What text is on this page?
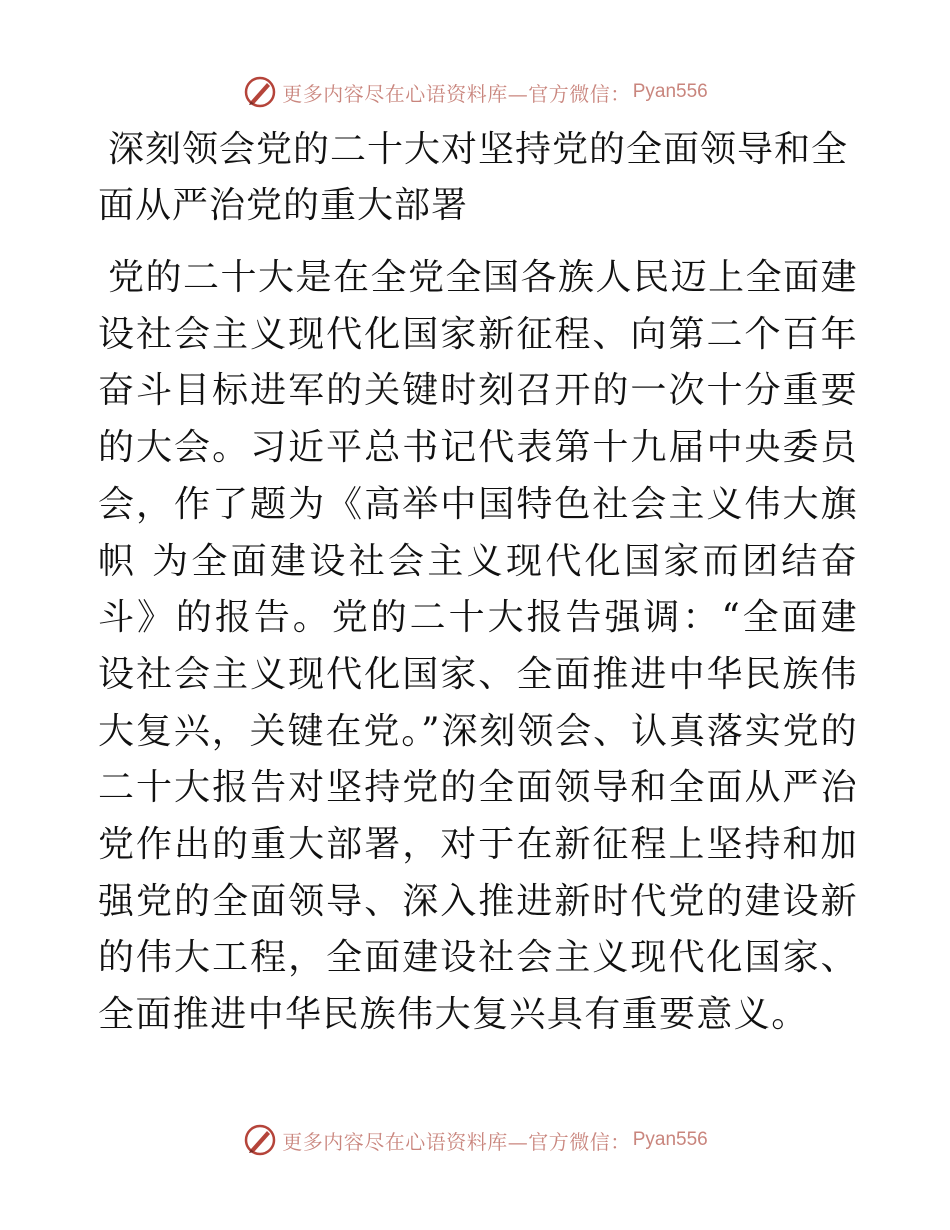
更多内容尽在心语资料库—官方微信： Pyan556
深刻领会党的二十大对坚持党的全面领导和全面从严治党的重大部署

党的二十大是在全党全国各族人民迈上全面建设社会主义现代化国家新征程、向第二个百年奋斗目标进军的关键时刻召开的一次十分重要的大会。习近平总书记代表第十九届中央委员会，作了题为《高举中国特色社会主义伟大旗帜 为全面建设社会主义现代化国家而团结奋斗》的报告。党的二十大报告强调：“全面建设社会主义现代化国家、全面推进中华民族伟大复兴，关键在党。”深刻领会、认真落实党的二十大报告对坚持党的全面领导和全面从严治党作出的重大部署，对于在新征程上坚持和加强党的全面领导、深入推进新时代党的建设新的伟大工程，全面建设社会主义现代化国家、全面推进中华民族伟大复兴具有重要意义。

更多内容尽在心语资料库—官方微信： Pyan556
